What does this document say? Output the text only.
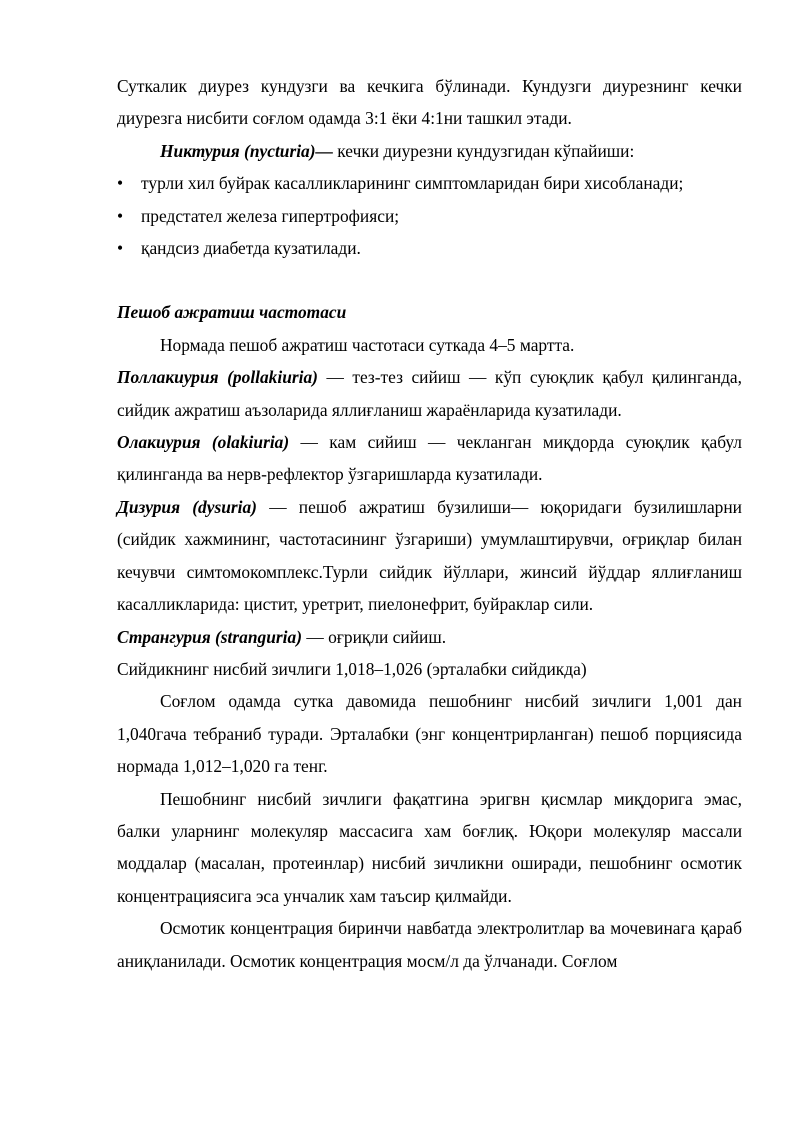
Суткалик диурез кундузги ва кечкига бўлинади. Кундузги диурезнинг кечки диурезга нисбити соғлом одамда 3:1 ёки 4:1ни ташкил этади.

Никтурия (nycturia)— кечки диурезни кундузгидан кўпайиши:

• турли хил буйрак касалликларининг симптомларидан бири хисобланади;
• предстател железа гипертрофияси;
• қандсиз диабетда кузатилади.

Пешоб ажратиш частотаси

Нормада пешоб ажратиш частотаси суткада 4–5 мартта.

Поллакиурия (pollakiuria) — тез-тез сийиш — кўп суюқлик қабул қилинганда, сийдик ажратиш аъзоларида яллиғланиш жараёнларида кузатилади.

Олакиурия (olakiuria) — кам сийиш — чекланган миқдорда суюқлик қабул қилинганда ва нерв-рефлектор ўзгаришларда кузатилади.

Дизурия (dysuria) — пешоб ажратиш бузилиши— юқоридаги бузилишларни (сийдик хажмининг, частотасининг ўзгариши) умумлаштирувчи, оғриқлар билан кечувчи симтомокомплекс.Турли сийдик йўллари, жинсий йўддар яллиғланиш касалликларида: цистит, уретрит, пиелонефрит, буйраклар сили.

Странгурия (stranguria) — оғриқли сийиш.

Сийдикнинг нисбий зичлиги 1,018–1,026 (эрталабки сийдикда)

Соғлом одамда сутка давомида пешобнинг нисбий зичлиги 1,001 дан 1,040гача тебраниб туради. Эрталабки (энг концентрирланган) пешоб порциясида нормада 1,012–1,020 га тенг.

Пешобнинг нисбий зичлиги фақатгина эригвн қисмлар миқдорига эмас, балки уларнинг молекуляр массасига хам боғлиқ. Юқори молекуляр массали моддалар (масалан, протеинлар) нисбий зичликни оширади, пешобнинг осмотик концентрациясига эса унчалик хам таъсир қилмайди.

Осмотик концентрация биринчи навбатда электролитлар ва мочевинага қараб аниқланилади. Осмотик концентрация мосм/л да ўлчанади. Соғлом
